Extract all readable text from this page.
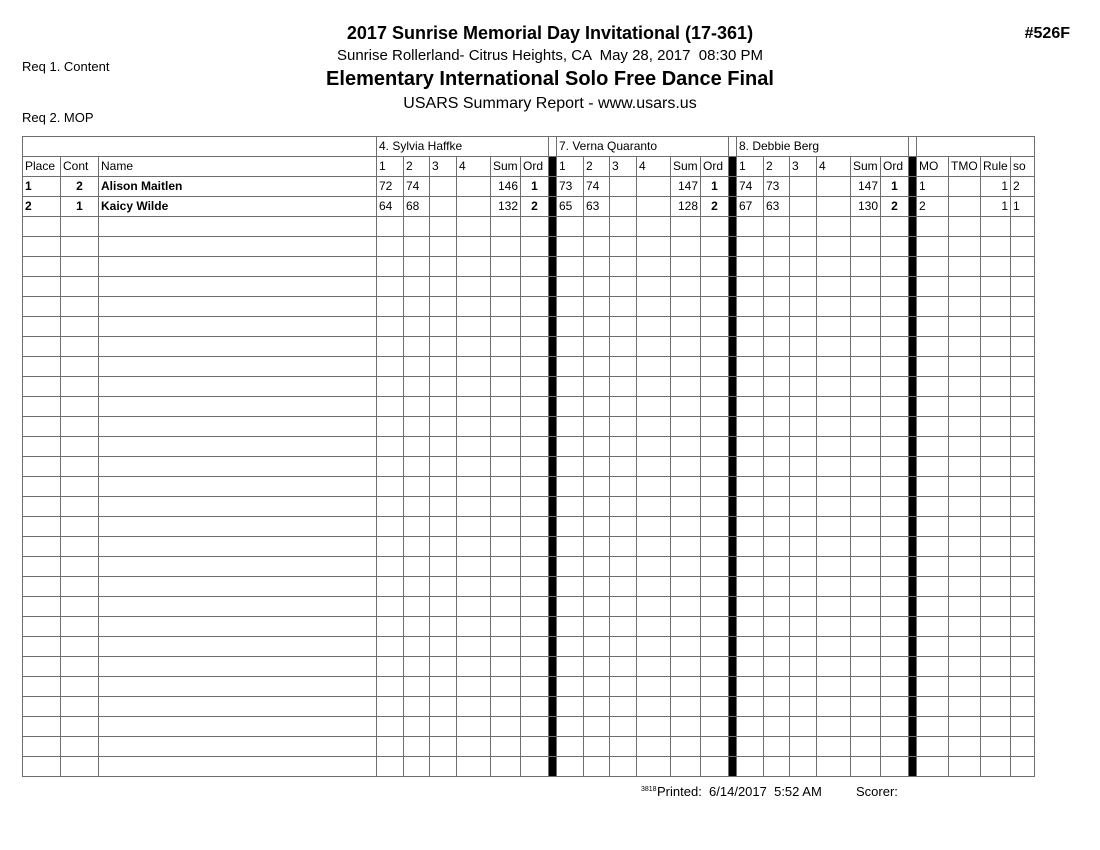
Req 1. Content

Req 2. MOP

#526F
2017 Sunrise Memorial Day Invitational (17-361)
Sunrise Rollerland- Citrus Heights, CA  May 28, 2017  08:30 PM
Elementary International Solo Free Dance Final
USARS Summary Report - www.usars.us
			4. Sylvia Haffke							7. Verna Quaranto							8. Debbie Berg										
Place	Cont	Name	1	2	3	4	Sum	Ord		1	2	3	4	Sum	Ord		1	2	3	4	Sum	Ord		MO	TMO	Rule	so
1	2	Alison Maitlen	72	74			146	1		73	74			147	1		74	73			147	1		1		1	2
2	1	Kaicy Wilde	64	68			132	2		65	63			128	2		67	63			130	2		2		1	1

3818 Printed:  6/14/2017  5:52 AM	Scorer:
